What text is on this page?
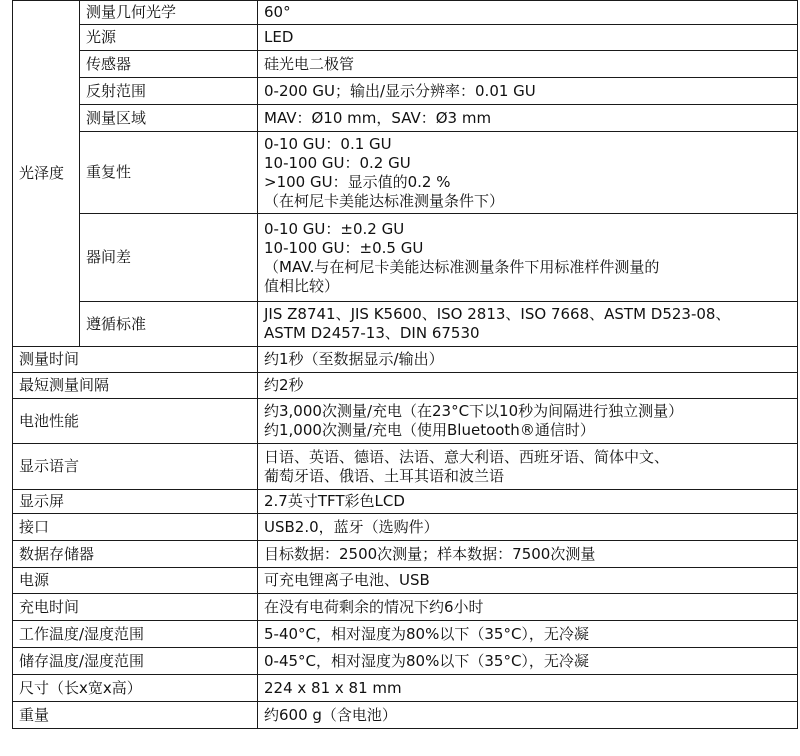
光泽度	测量几何光学	60°

	光源	LED

	传感器	硅光电二极管

	反射范围	0-200 GU；输出/显示分辨率：0.01 GU

	测量区域	MAV：Ø10 mm，SAV：Ø3 mm

	重复性	0-10 GU：0.1 GU
10-100 GU：0.2 GU
>100 GU：显示值的0.2 %
（在柯尼卡美能达标准测量条件下）

	器间差	0-10 GU：±0.2 GU
10-100 GU：±0.5 GU
（MAV.与在柯尼卡美能达标准测量条件下用标准样件测量的
值相比较）

	遵循标准	JIS Z8741、JIS K5600、ISO 2813、ISO 7668、ASTM D523-08、
ASTM D2457-13、DIN 67530

测量时间		约1秒（至数据显示/输出）

最短测量间隔		约2秒

电池性能		约3,000次测量/充电（在23°C下以10秒为间隔进行独立测量）
约1,000次测量/充电（使用Bluetooth®通信时）

显示语言		日语、英语、德语、法语、意大利语、西班牙语、简体中文、
葡萄牙语、俄语、土耳其语和波兰语

显示屏		2.7英寸TFT彩色LCD

接口		USB2.0，蓝牙（选购件）

数据存储器		目标数据：2500次测量；样本数据：7500次测量

电源		可充电锂离子电池、USB

充电时间		在没有电荷剩余的情况下约6小时

工作温度/湿度范围		5-40°C，相对湿度为80%以下（35°C），无冷凝

储存温度/湿度范围		0-45°C，相对湿度为80%以下（35°C），无冷凝

尺寸（长x宽x高）		224 x 81 x 81 mm

重量		约600 g（含电池）
